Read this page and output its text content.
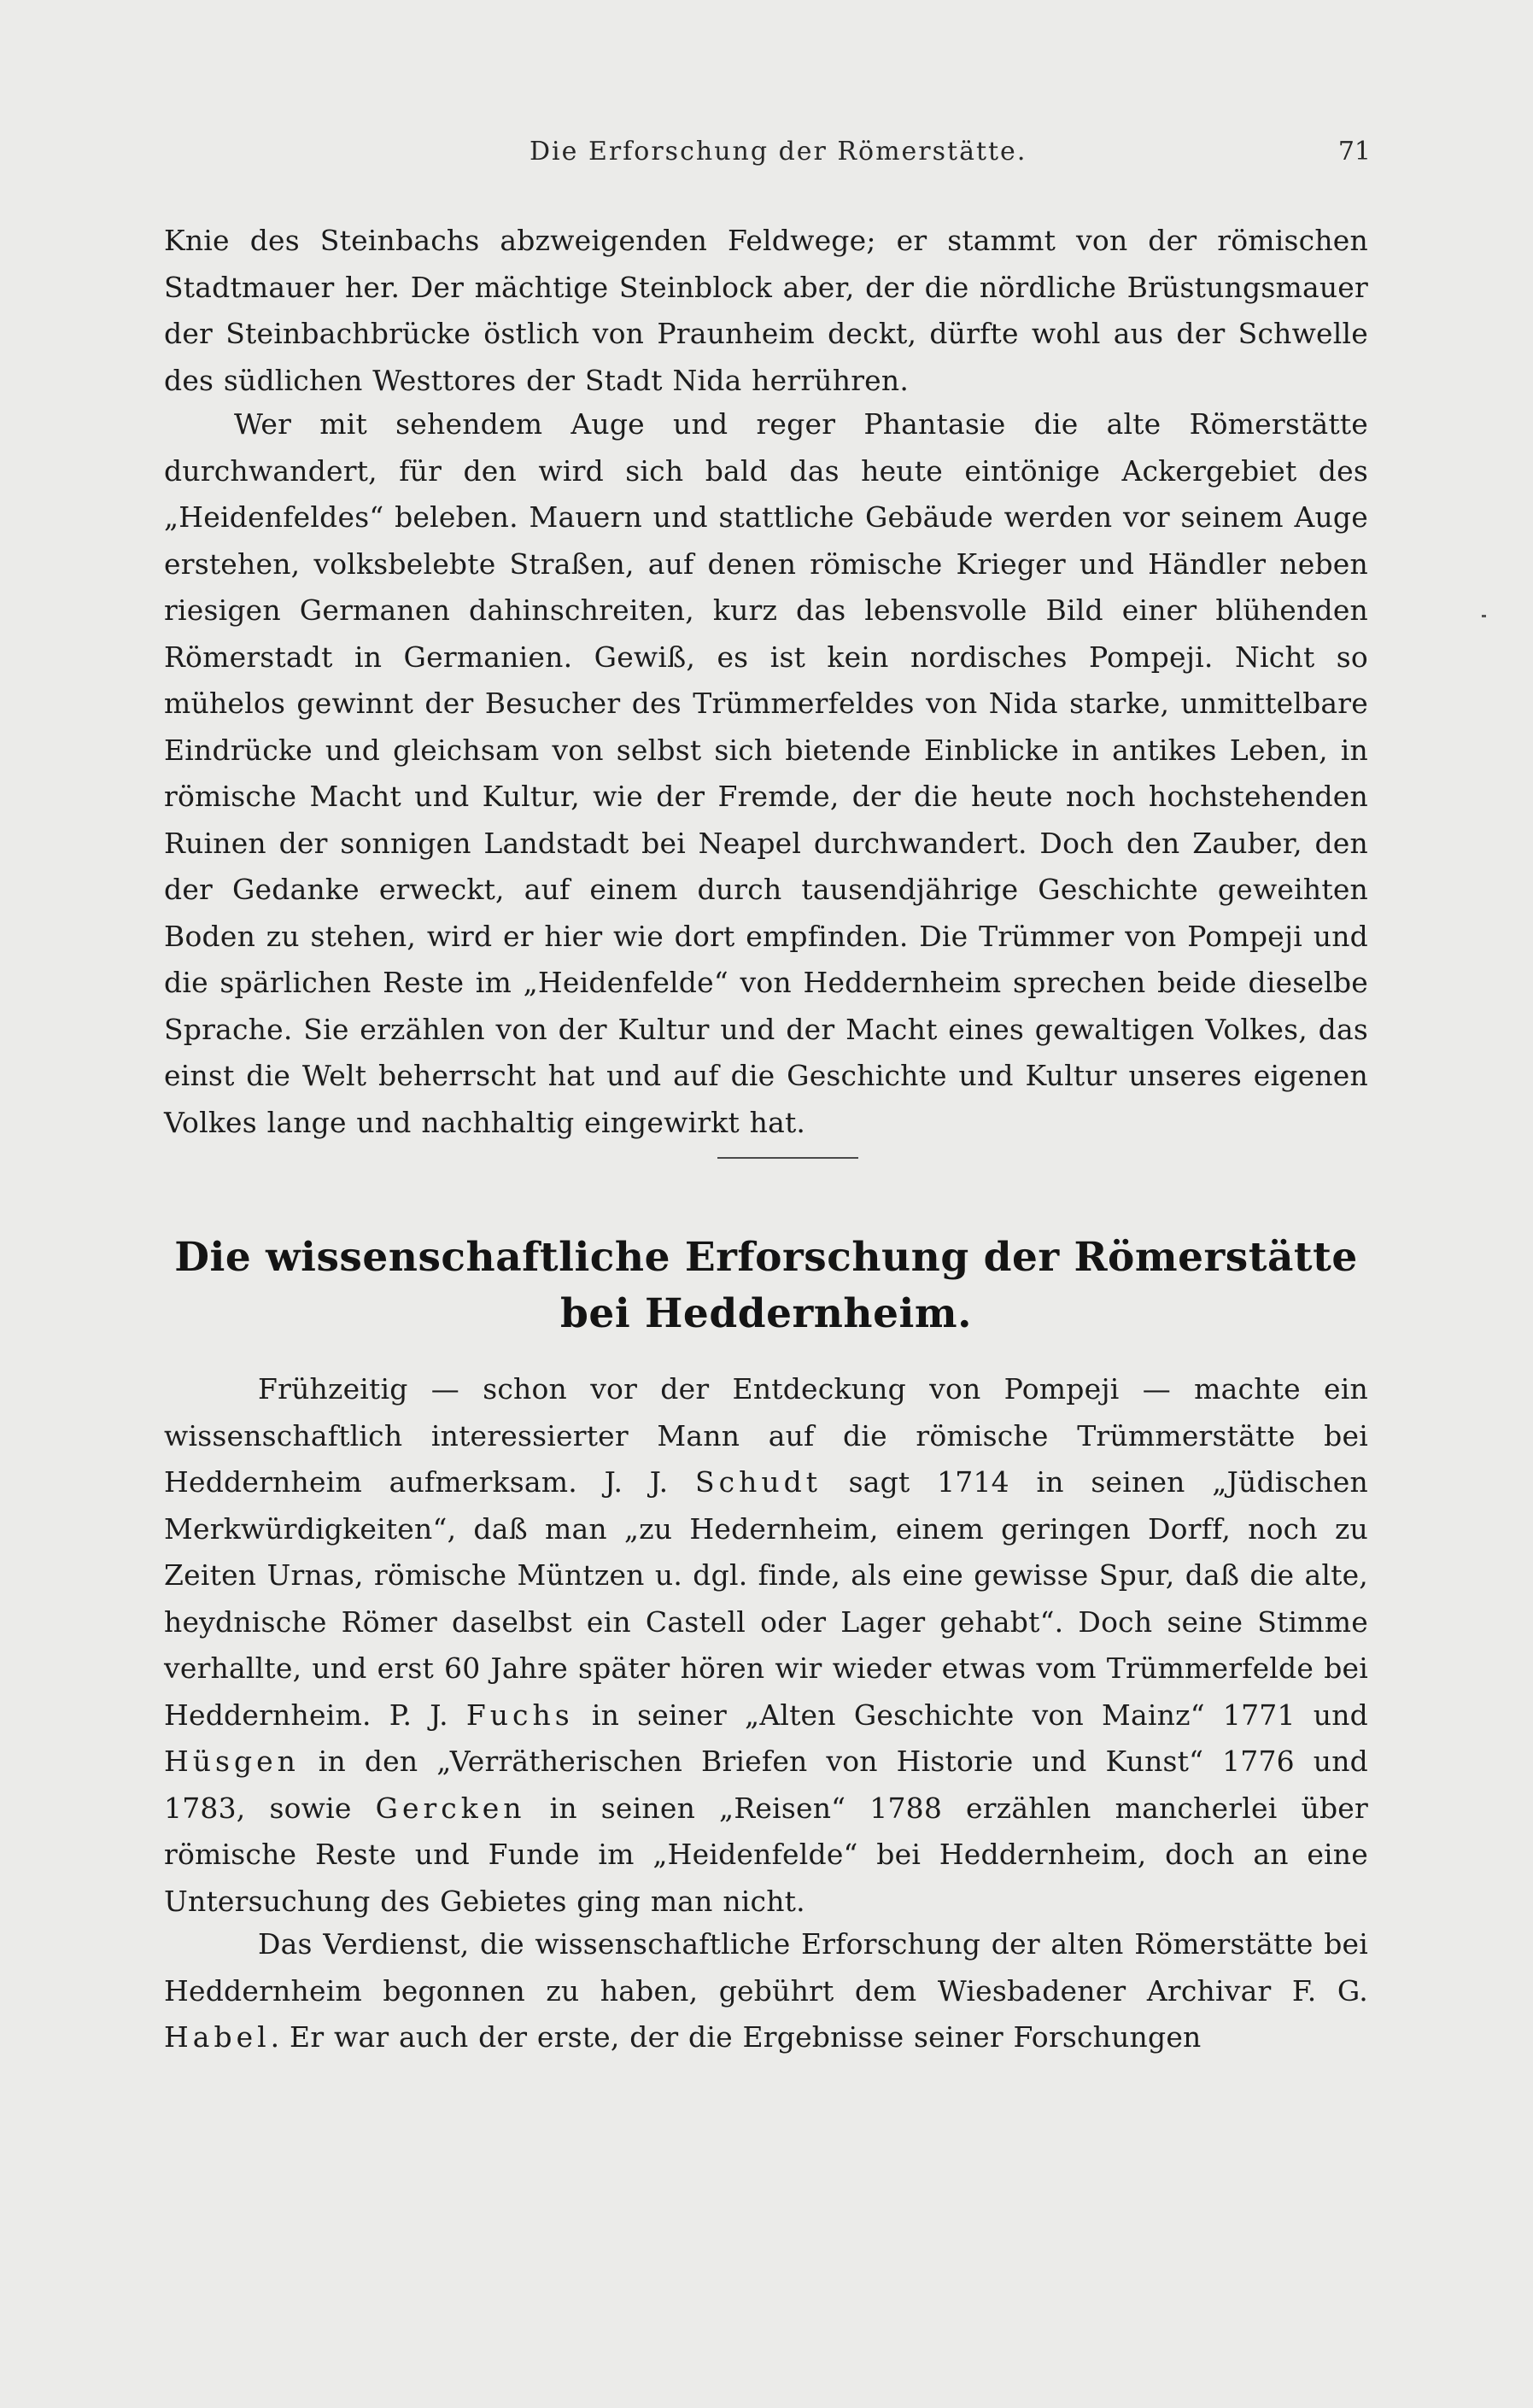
Die Erforschung der Römerstätte.	71

Knie des Steinbachs abzweigenden Feldwege; er stammt von der römischen Stadtmauer her. Der mächtige Steinblock aber, der die nördliche Brüstungsmauer der Steinbachbrücke östlich von Praunheim deckt, dürfte wohl aus der Schwelle des südlichen Westtores der Stadt Nida herrühren.

Wer mit sehendem Auge und reger Phantasie die alte Römerstätte durchwandert, für den wird sich bald das heute eintönige Ackergebiet des „Heidenfeldes“ beleben. Mauern und stattliche Gebäude werden vor seinem Auge erstehen, volksbelebte Straßen, auf denen römische Krieger und Händler neben riesigen Germanen dahinschreiten, kurz das lebensvolle Bild einer blühenden Römerstadt in Germanien. Gewiß, es ist kein nordisches Pompeji. Nicht so mühelos gewinnt der Besucher des Trümmerfeldes von Nida starke, unmittelbare Eindrücke und gleichsam von selbst sich bietende Einblicke in antikes Leben, in römische Macht und Kultur, wie der Fremde, der die heute noch hochstehenden Ruinen der sonnigen Landstadt bei Neapel durchwandert. Doch den Zauber, den der Gedanke erweckt, auf einem durch tausendjährige Geschichte geweihten Boden zu stehen, wird er hier wie dort empfinden. Die Trümmer von Pompeji und die spärlichen Reste im „Heidenfelde“ von Heddernheim sprechen beide dieselbe Sprache. Sie erzählen von der Kultur und der Macht eines gewaltigen Volkes, das einst die Welt beherrscht hat und auf die Geschichte und Kultur unseres eigenen Volkes lange und nachhaltig eingewirkt hat.

Die wissenschaftliche Erforschung der Römerstätte bei Heddernheim.

Frühzeitig — schon vor der Entdeckung von Pompeji — machte ein wissenschaftlich interessierter Mann auf die römische Trümmerstätte bei Heddernheim aufmerksam. J. J. Schudt sagt 1714 in seinen „Jüdischen Merkwürdigkeiten“, daß man „zu Hedernheim, einem geringen Dorff, noch zu Zeiten Urnas, römische Müntzen u. dgl. finde, als eine gewisse Spur, daß die alte, heydnische Römer daselbst ein Castell oder Lager gehabt“. Doch seine Stimme verhallte, und erst 60 Jahre später hören wir wieder etwas vom Trümmerfelde bei Heddernheim. P. J. Fuchs in seiner „Alten Geschichte von Mainz“ 1771 und Hüsgen in den „Verrätherischen Briefen von Historie und Kunst“ 1776 und 1783, sowie Gercken in seinen „Reisen“ 1788 erzählen mancherlei über römische Reste und Funde im „Heidenfelde“ bei Heddernheim, doch an eine Untersuchung des Gebietes ging man nicht.

Das Verdienst, die wissenschaftliche Erforschung der alten Römerstätte bei Heddernheim begonnen zu haben, gebührt dem Wiesbadener Archivar F. G. Habel. Er war auch der erste, der die Ergebnisse seiner Forschungen
